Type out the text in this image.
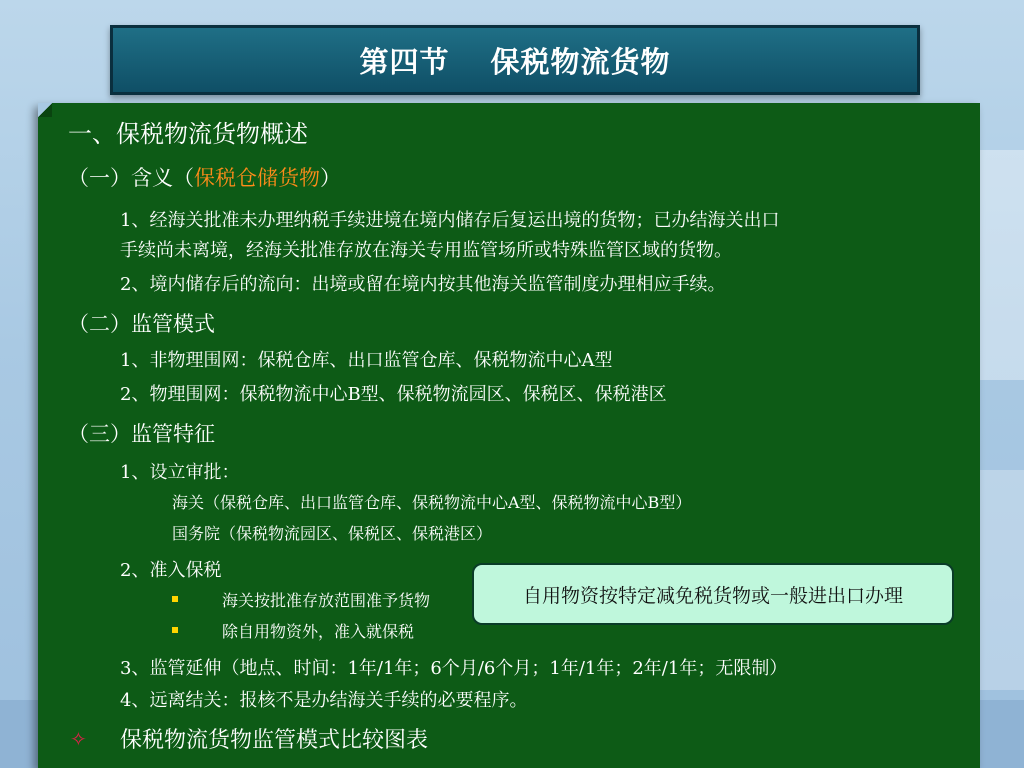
第四节　 保税物流货物
一、保税物流货物概述
（一）含义（保税仓储货物）
1、经海关批准未办理纳税手续进境在境内储存后复运出境的货物；已办结海关出口
手续尚未离境，经海关批准存放在海关专用监管场所或特殊监管区域的货物。
2、境内储存后的流向：出境或留在境内按其他海关监管制度办理相应手续。
（二）监管模式
1、非物理围网：保税仓库、出口监管仓库、保税物流中心A型
2、物理围网：保税物流中心B型、保税物流园区、保税区、保税港区
（三）监管特征
1、设立审批：
海关（保税仓库、出口监管仓库、保税物流中心A型、保税物流中心B型）
国务院（保税物流园区、保税区、保税港区）
2、准入保税
海关按批准存放范围准予货物
除自用物资外，准入就保税
3、监管延伸（地点、时间：1年/1年；6个月/6个月；1年/1年；2年/1年；无限制）
4、远离结关：报核不是办结海关手续的必要程序。
✧ 保税物流货物监管模式比较图表
自用物资按特定减免税货物或一般进出口办理
